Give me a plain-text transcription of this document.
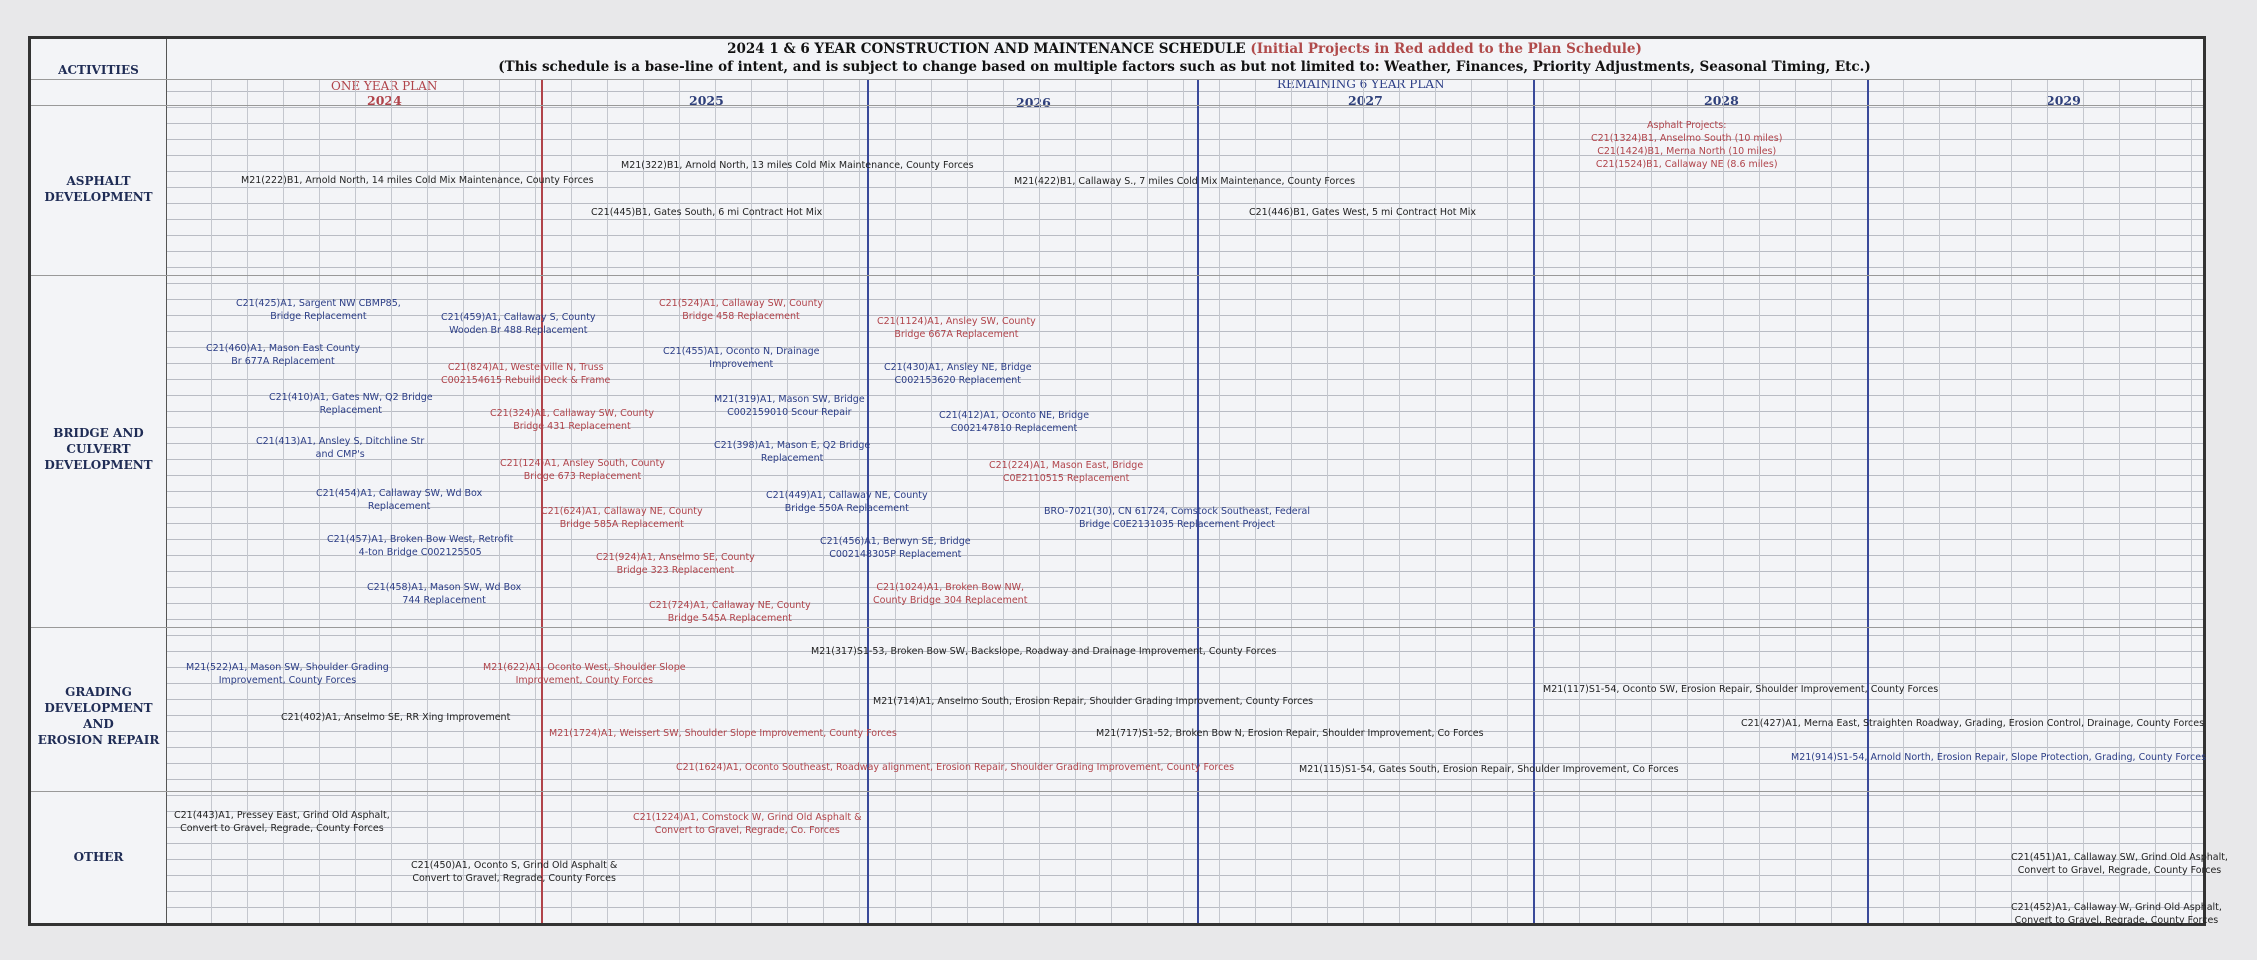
2024 1 & 6 YEAR CONSTRUCTION AND MAINTENANCE SCHEDULE (Initial Projects in Red added to the Plan Schedule)
(This schedule is a base-line of intent, and is subject to change based on multiple factors such as but not limited to: Weather, Finances, Priority Adjustments, Seasonal Timing, Etc.)
ACTIVITIES
ONE YEAR PLAN	REMAINING 6 YEAR PLAN
2024	2025	2026	2027	2028	2029
ASPHALT
DEVELOPMENT
BRIDGE AND
CULVERT
DEVELOPMENT
GRADING
DEVELOPMENT AND
EROSION REPAIR
OTHER
Asphalt Projects:
C21(1324)B1, Anselmo South (10 miles)
C21(1424)B1, Merna North (10 miles)
C21(1524)B1, Callaway NE (8.6 miles)
M21(322)B1, Arnold North, 13 miles Cold Mix Maintenance, County Forces
M21(222)B1, Arnold North, 14 miles Cold Mix Maintenance, County Forces	M21(422)B1, Callaway S., 7 miles Cold Mix Maintenance, County Forces
C21(445)B1, Gates South, 6 mi Contract Hot Mix	C21(446)B1, Gates West, 5 mi Contract Hot Mix
C21(425)A1, Sargent NW CBMP85,
Bridge Replacement	C21(459)A1, Callaway S, County
Wooden Br 488 Replacement
C21(524)A1, Callaway SW, County
Bridge 458 Replacement	C21(1124)A1, Ansley SW, County
Bridge 667A Replacement
C21(460)A1, Mason East County
Br 677A Replacement
C21(824)A1, Westerville N, Truss
C002154615 Rebuild Deck & Frame
C21(455)A1, Oconto N, Drainage
Improvement	C21(430)A1, Ansley NE, Bridge
C002153620 Replacement
C21(410)A1, Gates NW, Q2 Bridge
Replacement
M21(319)A1, Mason SW, Bridge
C002159010 Scour Repair
C21(324)A1, Callaway SW, County
Bridge 431 Replacement
C21(412)A1, Oconto NE, Bridge
C002147810 Replacement
C21(413)A1, Ansley S, Ditchline Str
and CMP's
C21(398)A1, Mason E, Q2 Bridge
Replacement
C21(124)A1, Ansley South, County
Bridge 673 Replacement
C21(224)A1, Mason East, Bridge
C0E2110515 Replacement
C21(454)A1, Callaway SW, Wd Box
Replacement
C21(449)A1, Callaway NE, County
Bridge 550A Replacement
C21(624)A1, Callaway NE, County
Bridge 585A Replacement
BRO-7021(30), CN 61724, Comstock Southeast, Federal
Bridge C0E2131035 Replacement Project
C21(457)A1, Broken Bow West, Retrofit
4-ton Bridge C002125505
C21(456)A1, Berwyn SE, Bridge
C002148305P Replacement
C21(924)A1, Anselmo SE, County
Bridge 323 Replacement
C21(458)A1, Mason SW, Wd Box
744 Replacement
C21(1024)A1, Broken Bow NW,
County Bridge 304 Replacement
C21(724)A1, Callaway NE, County
Bridge 545A Replacement
M21(317)S1-53, Broken Bow SW, Backslope, Roadway and Drainage Improvement, County Forces
M21(522)A1, Mason SW, Shoulder Grading
Improvement, County Forces
M21(622)A1, Oconto West, Shoulder Slope
Improvement, County Forces
M21(117)S1-54, Oconto SW, Erosion Repair, Shoulder Improvement, County Forces
M21(714)A1, Anselmo South, Erosion Repair, Shoulder Grading Improvement, County Forces
C21(402)A1, Anselmo SE, RR Xing Improvement
C21(427)A1, Merna East, Straighten Roadway, Grading, Erosion Control, Drainage, County Forces
M21(1724)A1, Weissert SW, Shoulder Slope Improvement, County Forces	M21(717)S1-52, Broken Bow N, Erosion Repair, Shoulder Improvement, Co Forces
M21(914)S1-54, Arnold North, Erosion Repair, Slope Protection, Grading, County Forces
C21(1624)A1, Oconto Southeast, Roadway alignment, Erosion Repair, Shoulder Grading Improvement, County Forces	M21(115)S1-54, Gates South, Erosion Repair, Shoulder Improvement, Co Forces
C21(443)A1, Pressey East, Grind Old Asphalt,
Convert to Gravel, Regrade, County Forces
C21(1224)A1, Comstock W, Grind Old Asphalt &
Convert to Gravel, Regrade, Co. Forces
C21(450)A1, Oconto S, Grind Old Asphalt &
Convert to Gravel, Regrade, County Forces
C21(451)A1, Callaway SW, Grind Old Asphalt,
Convert to Gravel, Regrade, County Forces
C21(452)A1, Callaway W, Grind Old Asphalt,
Convert to Gravel, Regrade, County Forces
